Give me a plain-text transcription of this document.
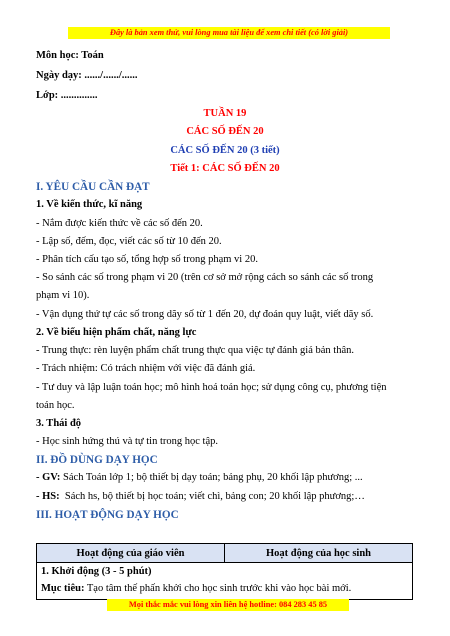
Đây là bản xem thử, vui lòng mua tài liệu để xem chi tiết (có lời giải)
Môn học: Toán
Ngày dạy: ....../....../......
Lớp: ..............
TUẦN 19
CÁC SỐ ĐẾN 20
CÁC SỐ ĐẾN 20 (3 tiết)
Tiết 1: CÁC SỐ ĐẾN 20
I. YÊU CẦU CẦN ĐẠT
1. Về kiến thức, kĩ năng
- Nắm được kiến thức về các số đến 20.
- Lập số, đếm, đọc, viết các số từ 10 đến 20.
- Phân tích cấu tạo số, tổng hợp số trong phạm vi 20.
- So sánh các số trong phạm vi 20 (trên cơ sở mở rộng cách so sánh các số trong
phạm vi 10).
- Vận dụng thứ tự các số trong dãy số từ 1 đến 20, dự đoán quy luật, viết dãy số.
2. Về biểu hiện phẩm chất, năng lực
- Trung thực: rèn luyện phẩm chất trung thực qua việc tự đánh giá bản thân.
- Trách nhiệm: Có trách nhiệm với việc đã đánh giá.
- Tư duy và lập luận toán học; mô hình hoá toán học; sử dụng công cụ, phương tiện
toán học.
3. Thái độ
- Học sinh hứng thú và tự tin trong học tập.
II. ĐỒ DÙNG DẠY HỌC
- GV: Sách Toán lớp 1; bộ thiết bị dạy toán; bảng phụ, 20 khối lập phương; ...
- HS:  Sách hs, bộ thiết bị học toán; viết chì, bảng con; 20 khối lập phương;…
III. HOẠT ĐỘNG DẠY HỌC
Hoạt động của giáo viên	Hoạt động của học sinh

1. Khởi động (3 - 5 phút)
Mục tiêu: Tạo tâm thế phấn khởi cho học sinh trước khi vào học bài mới.
Mọi thắc mắc vui lòng xin liên hệ hotline: 084 283 45 85
